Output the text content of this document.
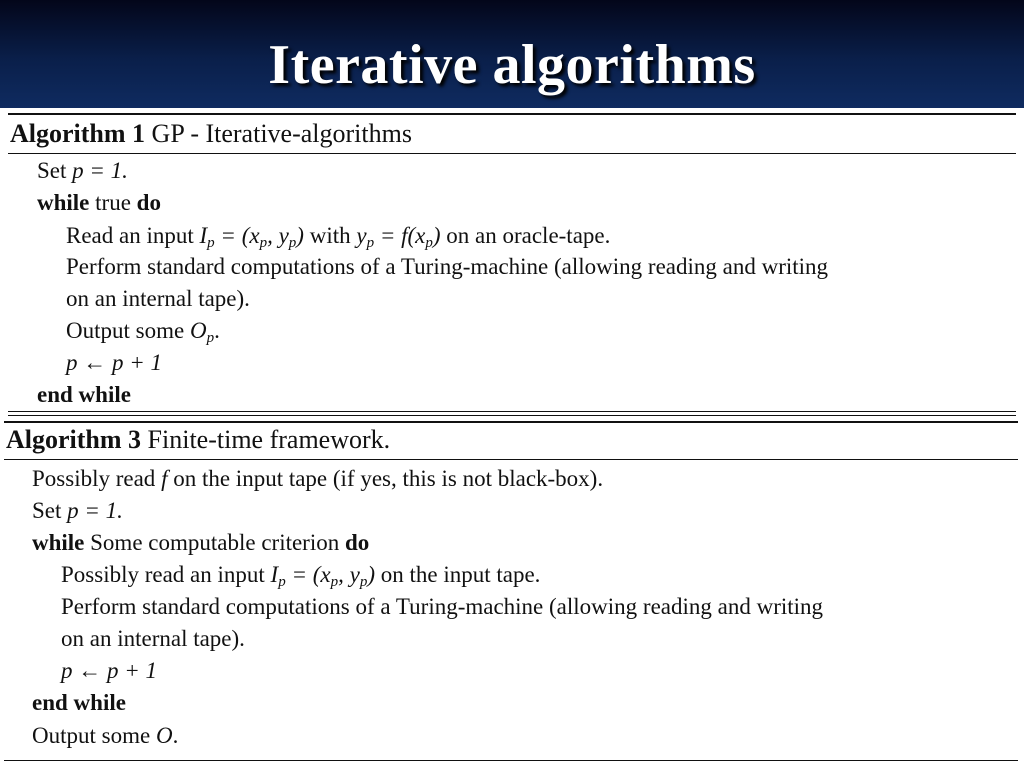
Iterative algorithms
Algorithm 1 GP - Iterative-algorithms
Set p = 1.
while true do
Read an input $I_p = (x_p$, $y_p$) with $y_p = f(x_p)$ on an oracle-tape.
Perform standard computations of a Turing-machine (allowing reading and writing
on an internal tape).
Output some $O_p$.
p ← p + 1
end while
Algorithm 3 Finite-time framework.
Possibly read f on the input tape (if yes, this is not black-box).
Set p = 1.
while Some computable criterion do
Possibly read an input $I_p = (x_p$, $y_p$) on the input tape.
Perform standard computations of a Turing-machine (allowing reading and writing
on an internal tape).
p ← p + 1
end while
Output some O.
